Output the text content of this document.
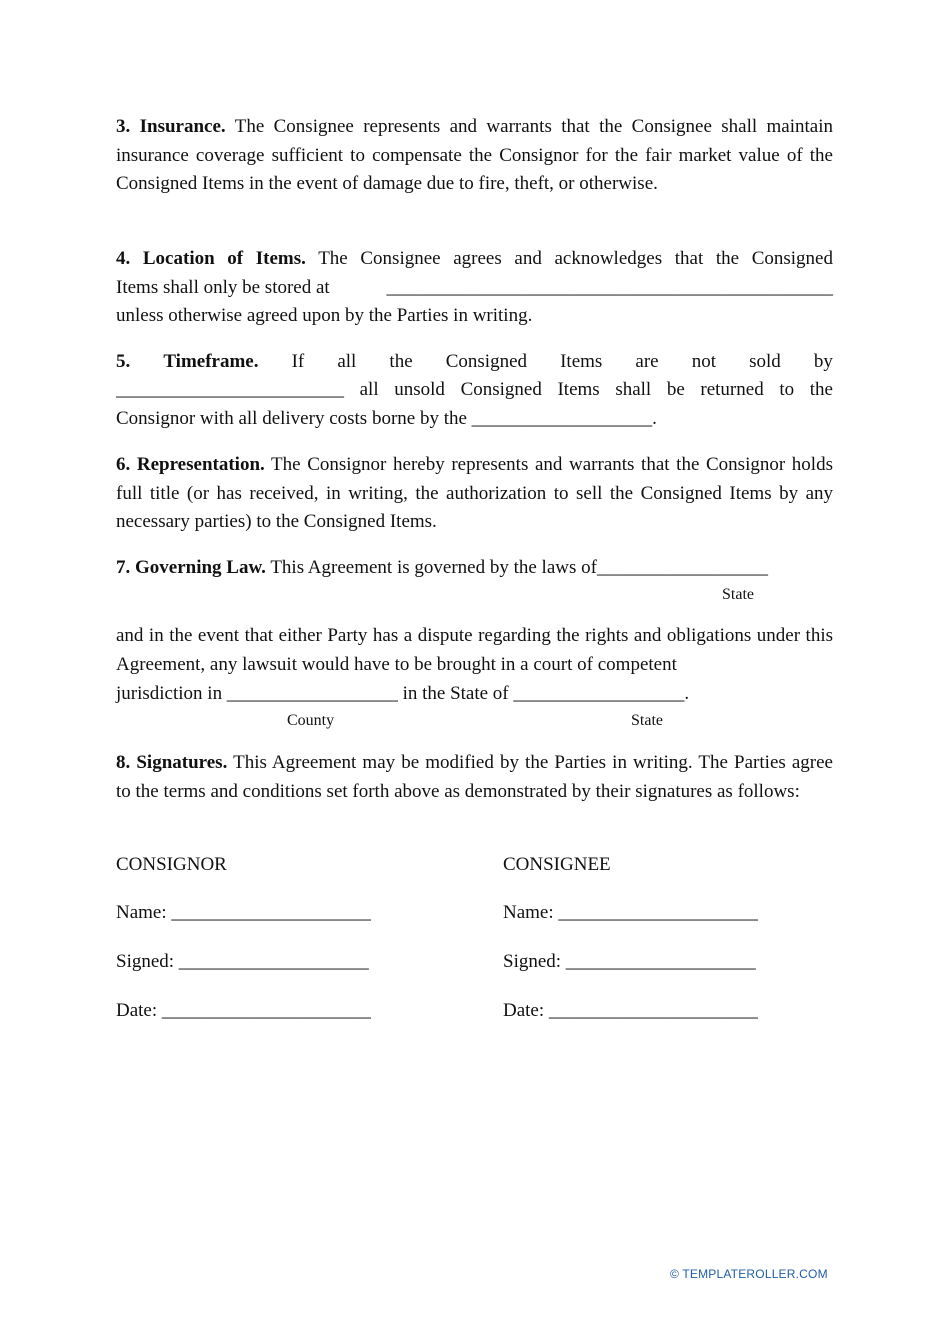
3. Insurance. The Consignee represents and warrants that the Consignee shall maintain insurance coverage sufficient to compensate the Consignor for the fair market value of the Consigned Items in the event of damage due to fire, theft, or otherwise.

4. Location of Items. The Consignee agrees and acknowledges that the Consigned
Items shall only be stored at	_______________________________________________
unless otherwise agreed upon by the Parties in writing.
5. Timeframe. If all the Consigned Items are not sold by
________________________ all unsold Consigned Items shall be returned to the
Consignor with all delivery costs borne by the ___________________.

6. Representation. The Consignor hereby represents and warrants that the Consignor holds full title (or has received, in writing, the authorization to sell the Consigned Items by any necessary parties) to the Consigned Items.

7. Governing Law. This Agreement is governed by the laws of__________________
State

and in the event that either Party has a dispute regarding the rights and obligations under this Agreement, any lawsuit would have to be brought in a court of competent

jurisdiction in __________________ in the State of __________________.
County	State

8. Signatures. This Agreement may be modified by the Parties in writing. The Parties agree to the terms and conditions set forth above as demonstrated by their signatures as follows:

CONSIGNOR	CONSIGNEE
Name: _____________________	Name: _____________________
Signed: ____________________	Signed: ____________________
Date: ______________________	Date: ______________________
© TEMPLATEROLLER.COM
